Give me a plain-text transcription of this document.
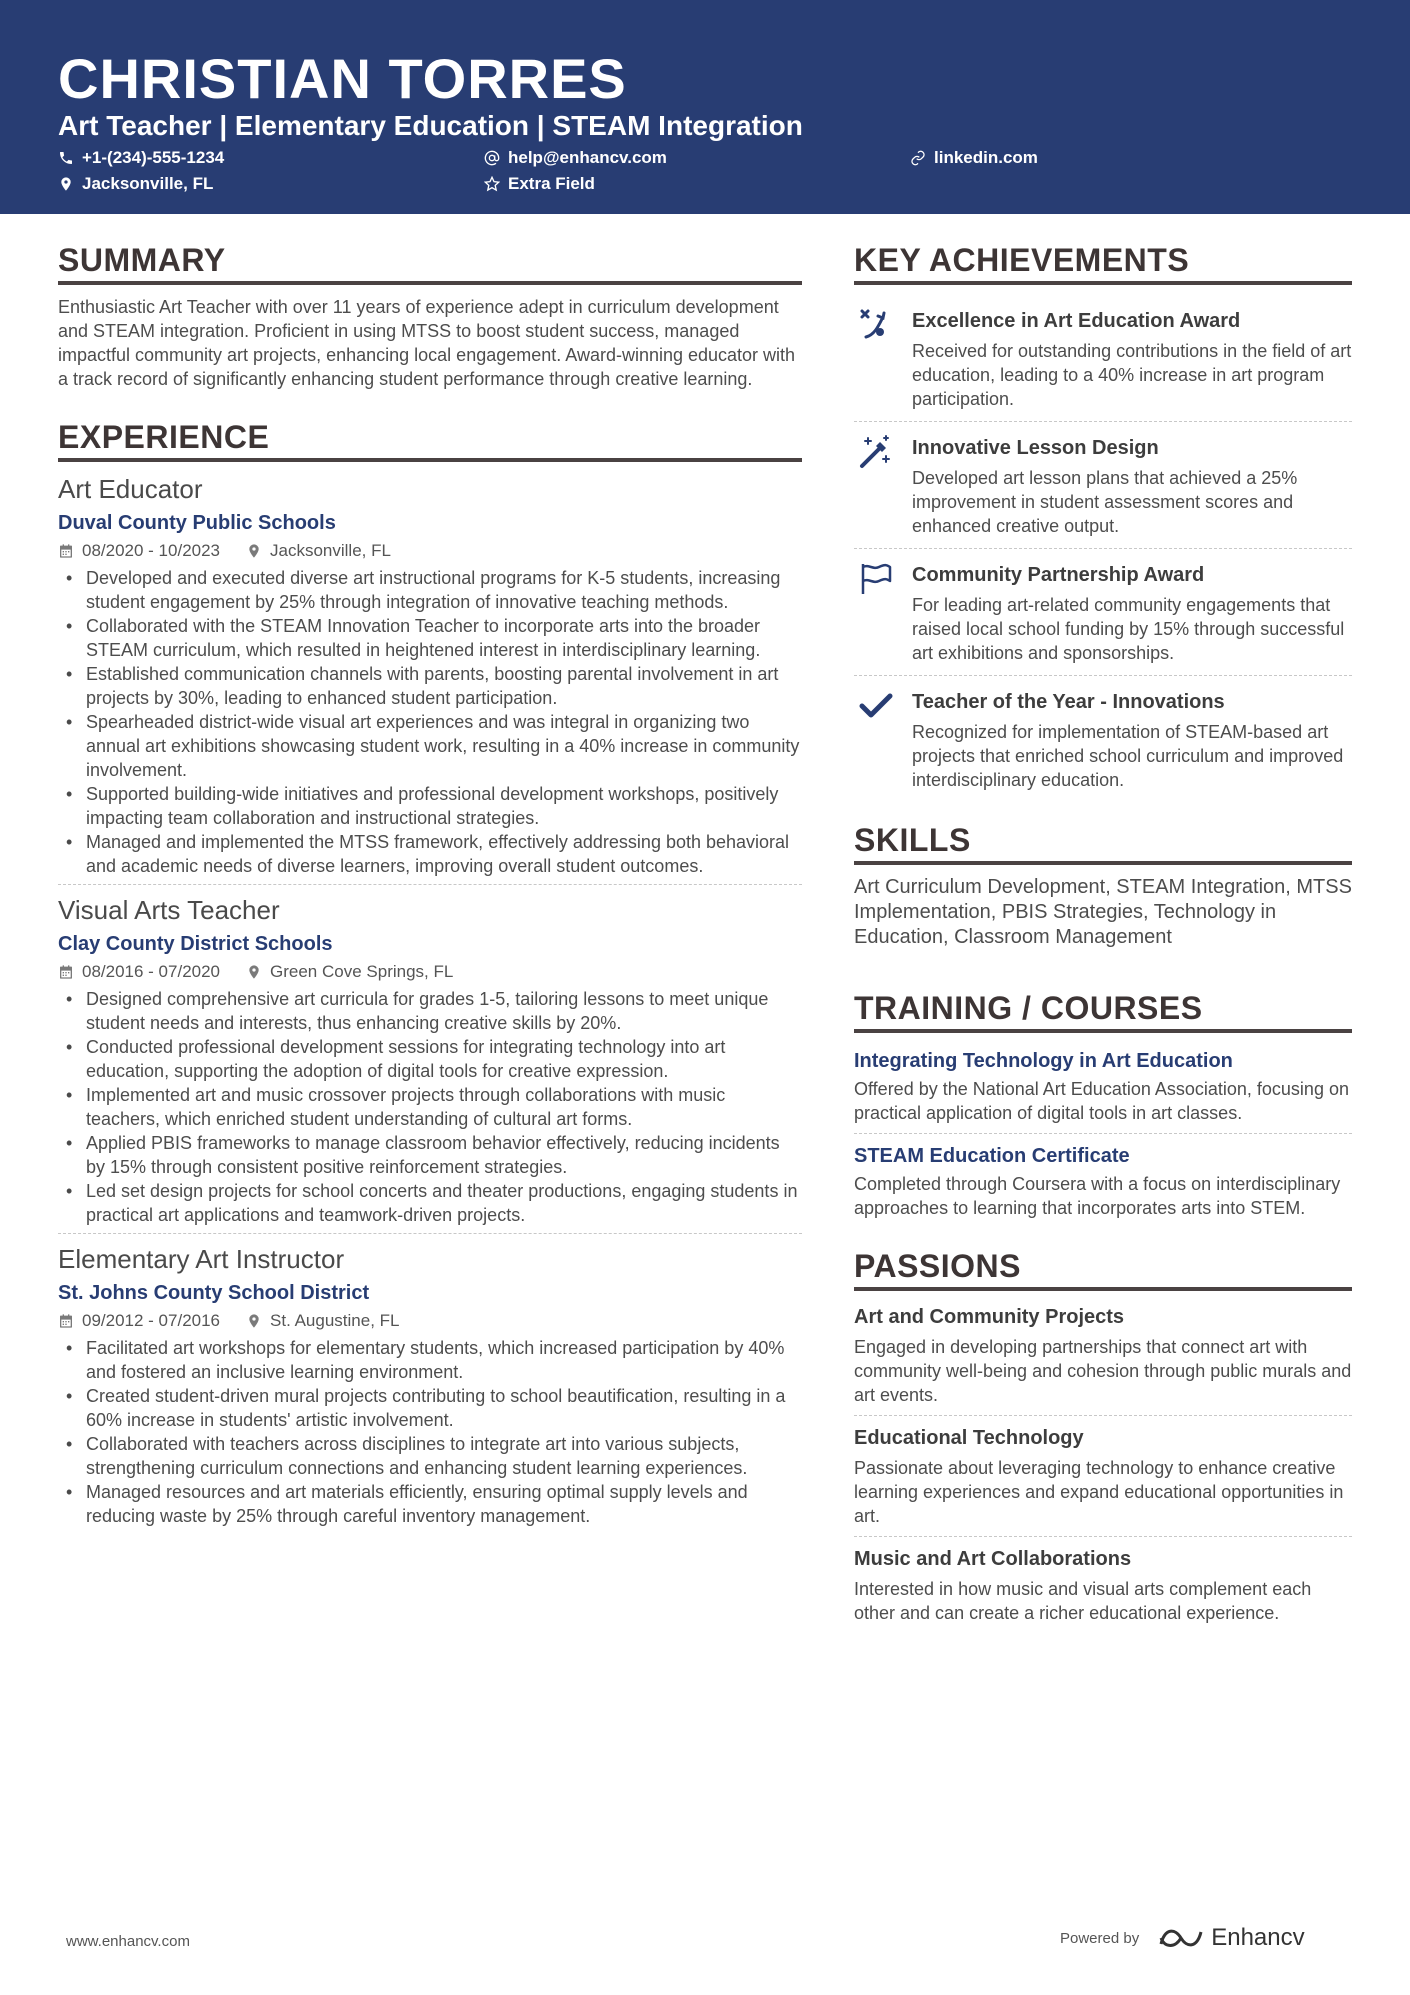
CHRISTIAN TORRES
Art Teacher | Elementary Education | STEAM Integration
+1-(234)-555-1234	help@enhancv.com	linkedin.com
Jacksonville, FL	Extra Field
SUMMARY
Enthusiastic Art Teacher with over 11 years of experience adept in curriculum development and STEAM integration. Proficient in using MTSS to boost student success, managed impactful community art projects, enhancing local engagement. Award-winning educator with a track record of significantly enhancing student performance through creative learning.
EXPERIENCE
Art Educator
Duval County Public Schools
08/2020 - 10/2023	Jacksonville, FL
• Developed and executed diverse art instructional programs for K-5 students, increasing student engagement by 25% through integration of innovative teaching methods.
• Collaborated with the STEAM Innovation Teacher to incorporate arts into the broader STEAM curriculum, which resulted in heightened interest in interdisciplinary learning.
• Established communication channels with parents, boosting parental involvement in art projects by 30%, leading to enhanced student participation.
• Spearheaded district-wide visual art experiences and was integral in organizing two annual art exhibitions showcasing student work, resulting in a 40% increase in community involvement.
• Supported building-wide initiatives and professional development workshops, positively impacting team collaboration and instructional strategies.
• Managed and implemented the MTSS framework, effectively addressing both behavioral and academic needs of diverse learners, improving overall student outcomes.
Visual Arts Teacher
Clay County District Schools
08/2016 - 07/2020	Green Cove Springs, FL
• Designed comprehensive art curricula for grades 1-5, tailoring lessons to meet unique student needs and interests, thus enhancing creative skills by 20%.
• Conducted professional development sessions for integrating technology into art education, supporting the adoption of digital tools for creative expression.
• Implemented art and music crossover projects through collaborations with music teachers, which enriched student understanding of cultural art forms.
• Applied PBIS frameworks to manage classroom behavior effectively, reducing incidents by 15% through consistent positive reinforcement strategies.
• Led set design projects for school concerts and theater productions, engaging students in practical art applications and teamwork-driven projects.
Elementary Art Instructor
St. Johns County School District
09/2012 - 07/2016	St. Augustine, FL
• Facilitated art workshops for elementary students, which increased participation by 40% and fostered an inclusive learning environment.
• Created student-driven mural projects contributing to school beautification, resulting in a 60% increase in students' artistic involvement.
• Collaborated with teachers across disciplines to integrate art into various subjects, strengthening curriculum connections and enhancing student learning experiences.
• Managed resources and art materials efficiently, ensuring optimal supply levels and reducing waste by 25% through careful inventory management.
KEY ACHIEVEMENTS
Excellence in Art Education Award
Received for outstanding contributions in the field of art education, leading to a 40% increase in art program participation.
Innovative Lesson Design
Developed art lesson plans that achieved a 25% improvement in student assessment scores and enhanced creative output.
Community Partnership Award
For leading art-related community engagements that raised local school funding by 15% through successful art exhibitions and sponsorships.
Teacher of the Year - Innovations
Recognized for implementation of STEAM-based art projects that enriched school curriculum and improved interdisciplinary education.
SKILLS
Art Curriculum Development, STEAM Integration, MTSS Implementation, PBIS Strategies, Technology in Education, Classroom Management
TRAINING / COURSES
Integrating Technology in Art Education
Offered by the National Art Education Association, focusing on practical application of digital tools in art classes.
STEAM Education Certificate
Completed through Coursera with a focus on interdisciplinary approaches to learning that incorporates arts into STEM.
PASSIONS
Art and Community Projects
Engaged in developing partnerships that connect art with community well-being and cohesion through public murals and art events.
Educational Technology
Passionate about leveraging technology to enhance creative learning experiences and expand educational opportunities in art.
Music and Art Collaborations
Interested in how music and visual arts complement each other and can create a richer educational experience.
www.enhancv.com	Powered by	Enhancv
